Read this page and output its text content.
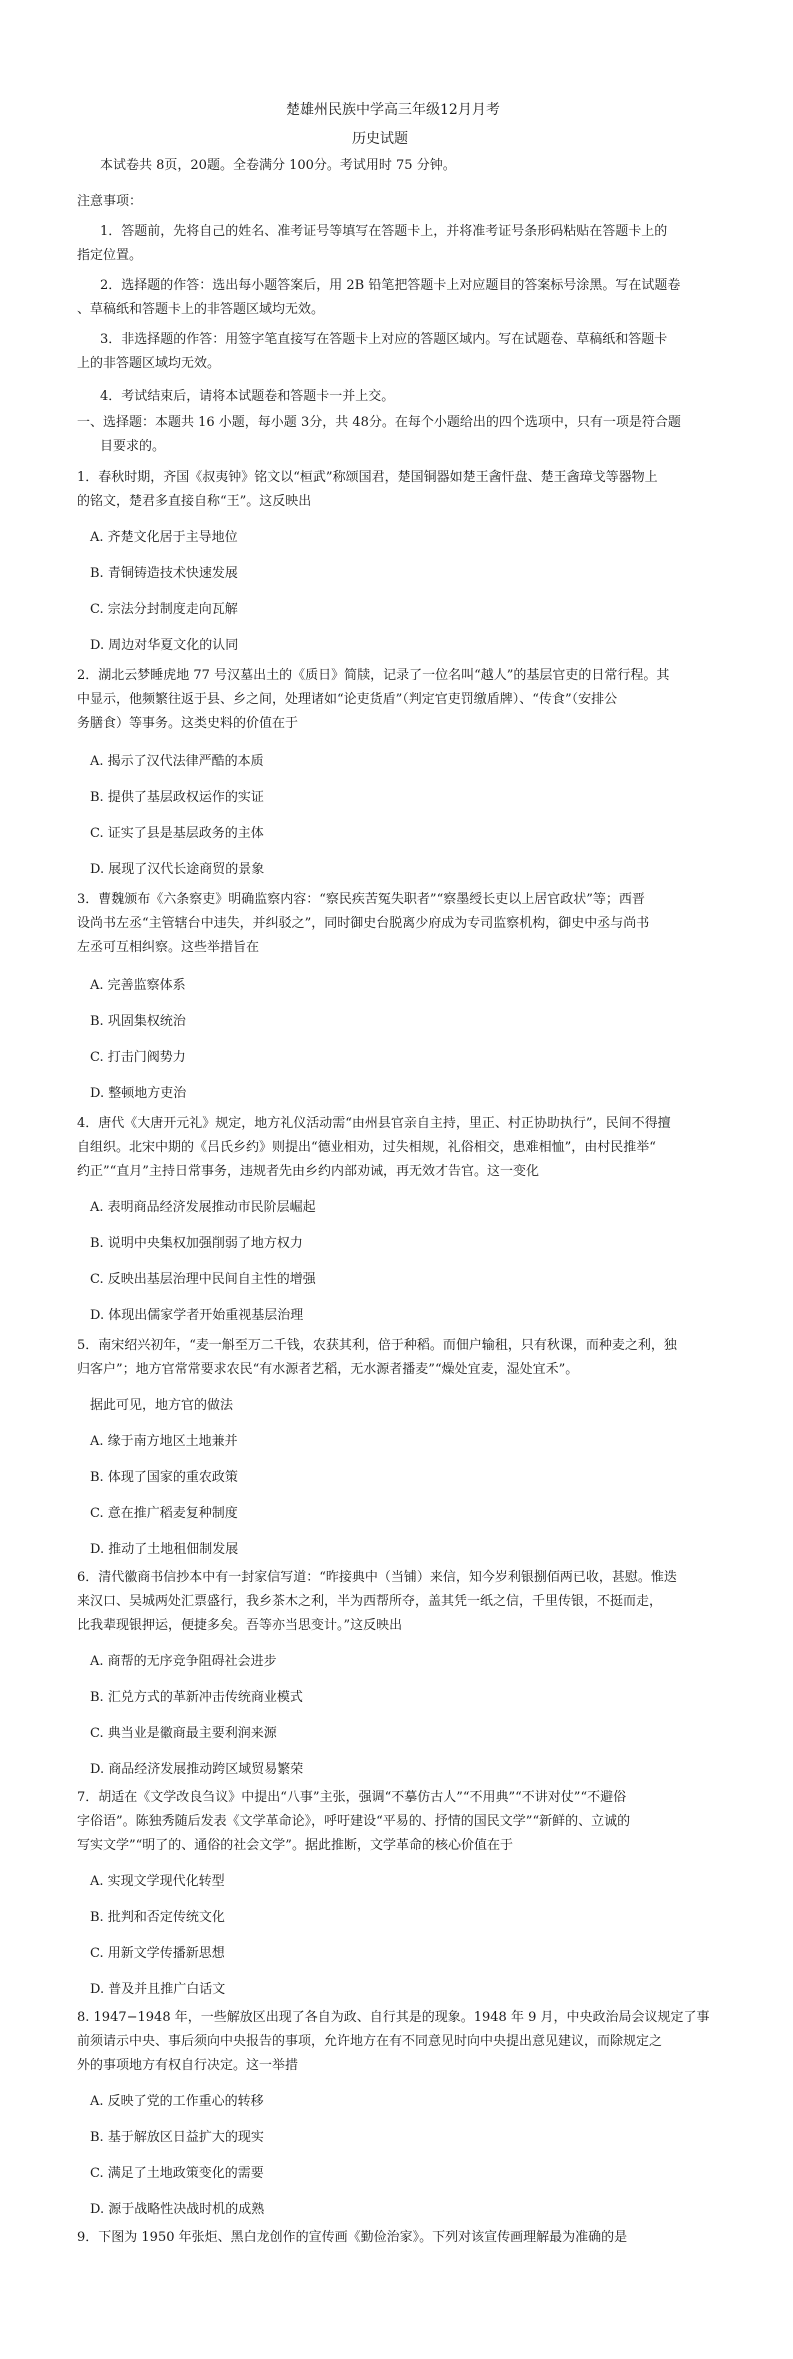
楚雄州民族中学高三年级12月月考
历史试题
本试卷共 8页，20题。全卷满分 100分。考试用时 75 分钟。
注意事项：
1．答题前，先将自己的姓名、准考证号等填写在答题卡上，并将准考证号条形码粘贴在答题卡上的
指定位置。
2．选择题的作答：选出每小题答案后，用 2B 铅笔把答题卡上对应题目的答案标号涂黑。写在试题卷
、草稿纸和答题卡上的非答题区域均无效。
3．非选择题的作答：用签字笔直接写在答题卡上对应的答题区域内。写在试题卷、草稿纸和答题卡
上的非答题区域均无效。
4．考试结束后，请将本试题卷和答题卡一并上交。
一、选择题：本题共 16 小题，每小题 3分，共 48分。在每个小题给出的四个选项中，只有一项是符合题
目要求的。
1．春秋时期，齐国《叔夷钟》铭文以“桓武”称颂国君，楚国铜器如楚王酓忓盘、楚王酓璋戈等器物上
的铭文，楚君多直接自称“王”。这反映出
A. 齐楚文化居于主导地位
B. 青铜铸造技术快速发展
C. 宗法分封制度走向瓦解
D. 周边对华夏文化的认同
2．湖北云梦睡虎地 77 号汉墓出土的《质日》简牍，记录了一位名叫“越人”的基层官吏的日常行程。其
中显示，他频繁往返于县、乡之间，处理诸如“论吏货盾”（判定官吏罚缴盾牌）、“传食”（安排公
务膳食）等事务。这类史料的价值在于
A. 揭示了汉代法律严酷的本质
B. 提供了基层政权运作的实证
C. 证实了县是基层政务的主体
D. 展现了汉代长途商贸的景象
3．曹魏颁布《六条察吏》明确监察内容：“察民疾苦冤失职者”“察墨绶长吏以上居官政状”等；西晋
设尚书左丞“主管辖台中违失，并纠驳之”，同时御史台脱离少府成为专司监察机构，御史中丞与尚书
左丞可互相纠察。这些举措旨在
A. 完善监察体系
B. 巩固集权统治
C. 打击门阀势力
D. 整顿地方吏治
4．唐代《大唐开元礼》规定，地方礼仪活动需“由州县官亲自主持，里正、村正协助执行”，民间不得擅
自组织。北宋中期的《吕氏乡约》则提出“德业相劝，过失相规，礼俗相交，患难相恤”，由村民推举“
约正”“直月”主持日常事务，违规者先由乡约内部劝诫，再无效才告官。这一变化
A. 表明商品经济发展推动市民阶层崛起
B. 说明中央集权加强削弱了地方权力
C. 反映出基层治理中民间自主性的增强
D. 体现出儒家学者开始重视基层治理
5．南宋绍兴初年，“麦一斛至万二千钱，农获其利，倍于种稻。而佃户输租，只有秋课，而种麦之利，独
归客户”；地方官常常要求农民“有水源者艺稻，无水源者播麦”“燥处宜麦，湿处宜禾”。
据此可见，地方官的做法
A. 缘于南方地区土地兼并
B. 体现了国家的重农政策
C. 意在推广稻麦复种制度
D. 推动了土地租佃制发展
6．清代徽商书信抄本中有一封家信写道：“昨接典中（当铺）来信，知今岁利银捌佰两已收，甚慰。惟迭
来汉口、吴城两处汇票盛行，我乡茶木之利，半为西帮所夺，盖其凭一纸之信，千里传银，不挺而走，
比我辈现银押运，便捷多矣。吾等亦当思变计。”这反映出
A. 商帮的无序竞争阻碍社会进步
B. 汇兑方式的革新冲击传统商业模式
C. 典当业是徽商最主要利润来源
D. 商品经济发展推动跨区域贸易繁荣
7．胡适在《文学改良刍议》中提出“八事”主张，强调“不摹仿古人”“不用典”“不讲对仗”“不避俗
字俗语”。陈独秀随后发表《文学革命论》，呼吁建设“平易的、抒情的国民文学”“新鲜的、立诚的
写实文学”“明了的、通俗的社会文学”。据此推断，文学革命的核心价值在于
A. 实现文学现代化转型
B. 批判和否定传统文化
C. 用新文学传播新思想
D. 普及并且推广白话文
8. 1947−1948 年，一些解放区出现了各自为政、自行其是的现象。1948 年 9 月，中央政治局会议规定了事
前须请示中央、事后须向中央报告的事项，允许地方在有不同意见时向中央提出意见建议，而除规定之
外的事项地方有权自行决定。这一举措
A. 反映了党的工作重心的转移
B. 基于解放区日益扩大的现实
C. 满足了土地政策变化的需要
D. 源于战略性决战时机的成熟
9．下图为 1950 年张炬、黑白龙创作的宣传画《勤俭治家》。下列对该宣传画理解最为准确的是
